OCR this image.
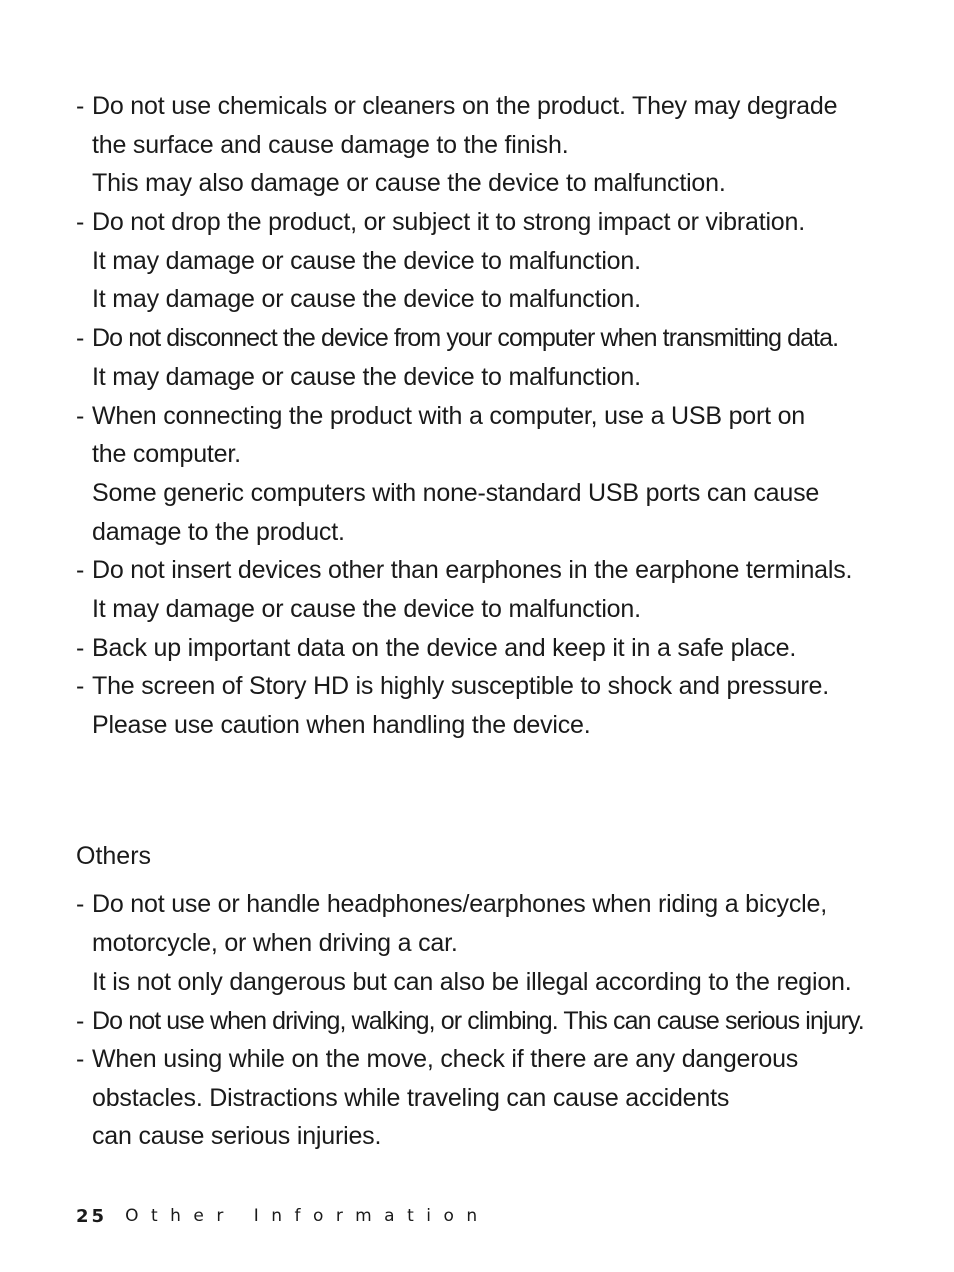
- Do not use chemicals or cleaners on the product. They may degrade
the surface and cause damage to the finish.
This may also damage or cause the device to malfunction.
- Do not drop the product, or subject it to strong impact or vibration.
It may damage or cause the device to malfunction.
It may damage or cause the device to malfunction.
- Do not disconnect the device from your computer when transmitting data.
It may damage or cause the device to malfunction.
- When connecting the product with a computer, use a USB port on
the computer.
Some generic computers with none-standard USB ports can cause
damage to the product.
- Do not insert devices other than earphones in the earphone terminals.
It may damage or cause the device to malfunction.
- Back up important data on the device and keep it in a safe place.
- The screen of Story HD is highly susceptible to shock and pressure.
Please use caution when handling the device.
Others
- Do not use or handle headphones/earphones when riding a bicycle,
motorcycle, or when driving a car.
It is not only dangerous but can also be illegal according to the region.
- Do not use when driving, walking, or climbing. This can cause serious injury.
- When using while on the move, check if there are any dangerous
obstacles. Distractions while traveling can cause accidents
can cause serious injuries.
25 Other Information
